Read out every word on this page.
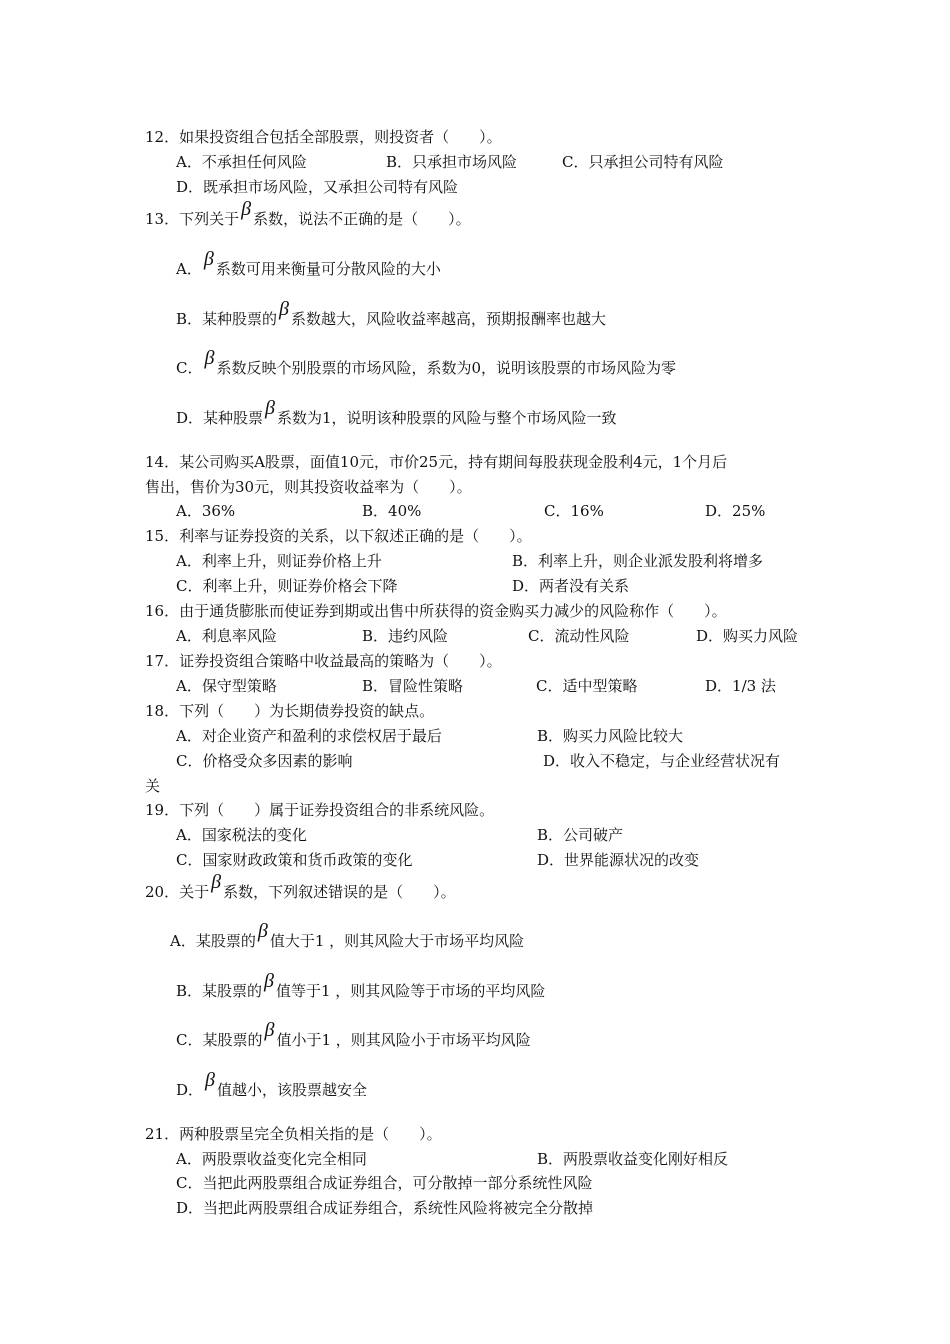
12．如果投资组合包括全部股票，则投资者（　　）。
A．不承担任何风险	B．只承担市场风险	C．只承担公司特有风险
D．既承担市场风险，又承担公司特有风险
13．下列关于 β 系数，说法不正确的是（　　）。
A． β 系数可用来衡量可分散风险的大小
B．某种股票的 β 系数越大，风险收益率越高，预期报酬率也越大
C． β 系数反映个别股票的市场风险，系数为0，说明该股票的市场风险为零
D．某种股票 β 系数为1，说明该种股票的风险与整个市场风险一致
14．某公司购买A股票，面值10元，市价25元，持有期间每股获现金股利4元，1个月后
售出，售价为30元，则其投资收益率为（　　）。
A．36%	B．40%	C．16%	D．25%
15．利率与证券投资的关系，以下叙述正确的是（　　）。
A．利率上升，则证券价格上升	B．利率上升，则企业派发股利将增多
C．利率上升，则证券价格会下降	D．两者没有关系
16．由于通货膨胀而使证券到期或出售中所获得的资金购买力减少的风险称作（　　）。
A．利息率风险	B．违约风险	C．流动性风险	D．购买力风险
17．证券投资组合策略中收益最高的策略为（　　）。
A．保守型策略	B．冒险性策略	C．适中型策略	D．1/3 法
18．下列（　　）为长期债券投资的缺点。
A．对企业资产和盈利的求偿权居于最后	B．购买力风险比较大
C．价格受众多因素的影响	D．收入不稳定，与企业经营状况有
关
19．下列（　　）属于证券投资组合的非系统风险。
A．国家税法的变化	B．公司破产
C．国家财政政策和货币政策的变化	D．世界能源状况的改变
20．关于 β 系数，下列叙述错误的是（　　）。
A．某股票的 β 值大于1 ，则其风险大于市场平均风险
B．某股票的 β 值等于1 ，则其风险等于市场的平均风险
C．某股票的 β 值小于1 ，则其风险小于市场平均风险
D． β 值越小，该股票越安全
21．两种股票呈完全负相关指的是（　　）。
A．两股票收益变化完全相同	B．两股票收益变化刚好相反
C．当把此两股票组合成证券组合，可分散掉一部分系统性风险
D．当把此两股票组合成证券组合，系统性风险将被完全分散掉
